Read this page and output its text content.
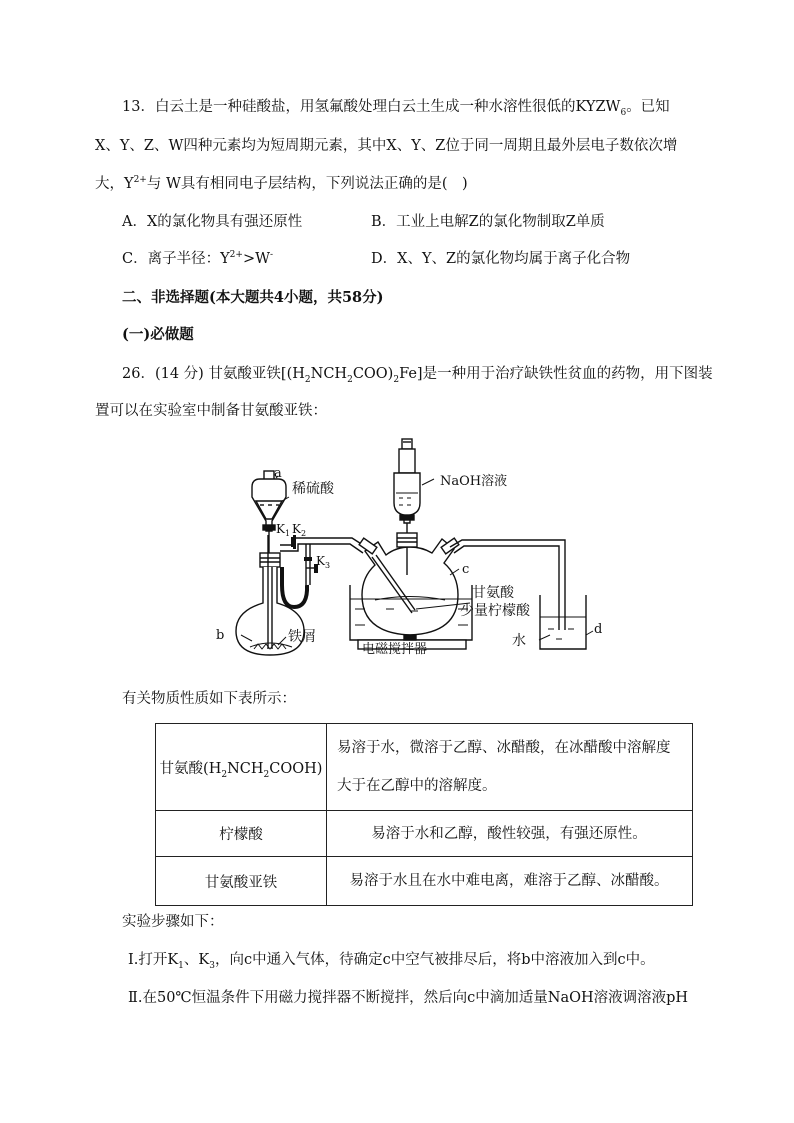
13．白云土是一种硅酸盐，用氢氟酸处理白云土生成一种水溶性很低的$KYZW_6$。已知
X、Y、Z、W四种元素均为短周期元素，其中X、Y、Z位于同一周期且最外层电子数依次增
大，$Y^{2+}$与 W具有相同电子层结构，下列说法正确的是(　)
A．X的氯化物具有强还原性	B．工业上电解Z的氯化物制取Z单质
C．离子半径：$Y^{2+}>W^-$	D．X、Y、Z的氯化物均属于离子化合物
二、非选择题(本大题共4小题，共58分)
(一)必做题
26．(14 分) 甘氨酸亚铁$[(H_2NCH_2COO)_2Fe]$是一种用于治疗缺铁性贫血的药物，用下图装
置可以在实验室中制备甘氨酸亚铁：
a
稀硫酸	NaOH溶液
$K_1$ $K_2$
$K_3$	c
甘氨酸
少量柠檬酸
b	铁屑
电磁搅拌器
水
d
有关物质性质如下表所示：
甘氨酸$(H_2NCH_2COOH)$	易溶于水，微溶于乙醇、冰醋酸，在冰醋酸中溶解度
大于在乙醇中的溶解度。

柠檬酸	易溶于水和乙醇，酸性较强，有强还原性。
甘氨酸亚铁	易溶于水且在水中难电离，难溶于乙醇、冰醋酸。
实验步骤如下：
Ⅰ.打开$K_1$、$K_3$，向c中通入气体，待确定c中空气被排尽后，将b中溶液加入到c中。
Ⅱ.在50℃恒温条件下用磁力搅拌器不断搅拌，然后向c中滴加适量NaOH溶液调溶液pH
